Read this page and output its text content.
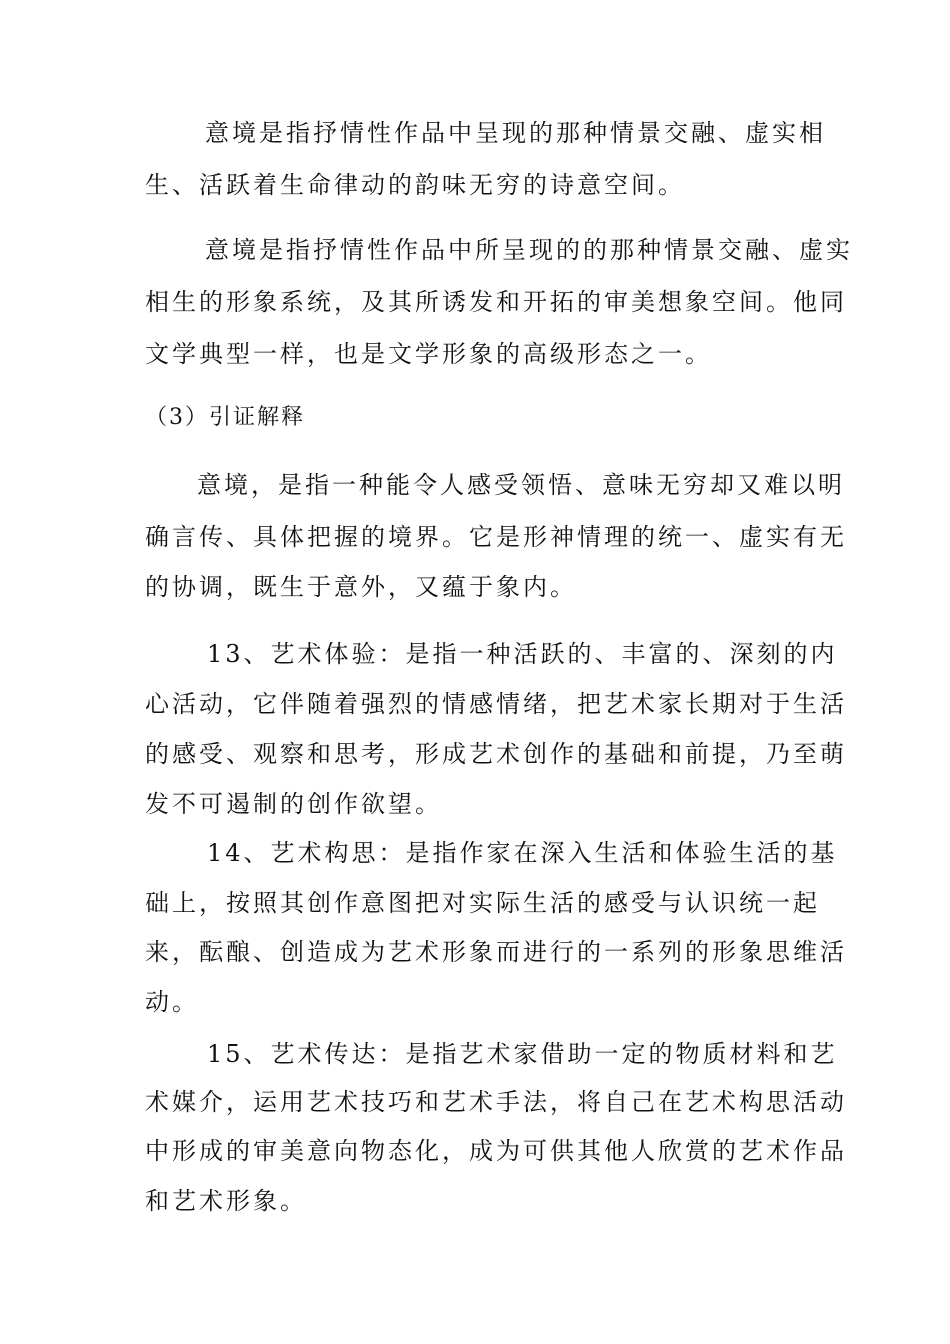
意境是指抒情性作品中呈现的那种情景交融、虚实相
生、活跃着生命律动的韵味无穷的诗意空间。
意境是指抒情性作品中所呈现的的那种情景交融、虚实
相生的形象系统，及其所诱发和开拓的审美想象空间。他同
文学典型一样，也是文学形象的高级形态之一。
（3）引证解释
意境，是指一种能令人感受领悟、意味无穷却又难以明
确言传、具体把握的境界。它是形神情理的统一、虚实有无
的协调，既生于意外，又蕴于象内。
13、艺术体验：是指一种活跃的、丰富的、深刻的内
心活动，它伴随着强烈的情感情绪，把艺术家长期对于生活
的感受、观察和思考，形成艺术创作的基础和前提，乃至萌
发不可遏制的创作欲望。
14、艺术构思：是指作家在深入生活和体验生活的基
础上，按照其创作意图把对实际生活的感受与认识统一起
来，酝酿、创造成为艺术形象而进行的一系列的形象思维活
动。
15、艺术传达：是指艺术家借助一定的物质材料和艺
术媒介，运用艺术技巧和艺术手法，将自己在艺术构思活动
中形成的审美意向物态化，成为可供其他人欣赏的艺术作品
和艺术形象。
